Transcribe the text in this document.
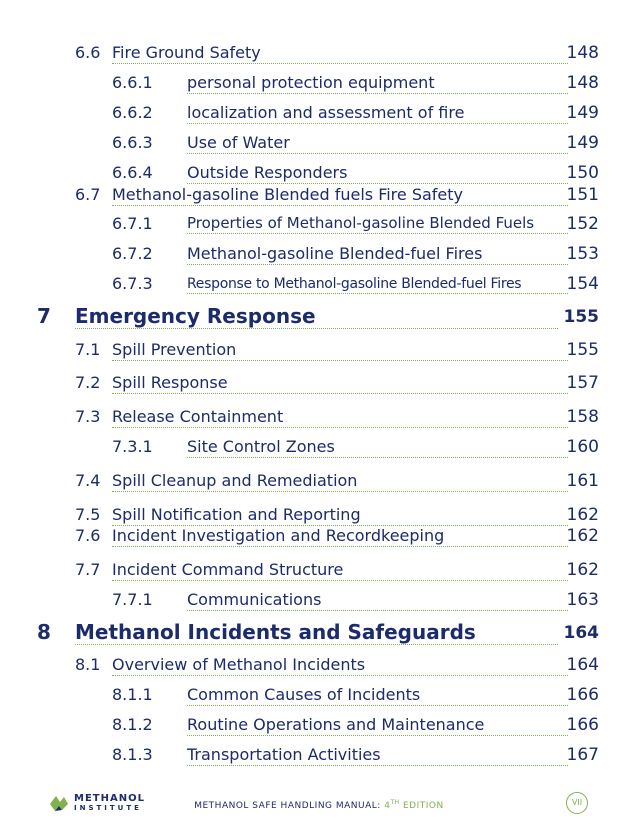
6.6 Fire Ground Safety	148
6.6.1 personal protection equipment	148
6.6.2 localization and assessment of fire	149
6.6.3 Use of Water	149
6.6.4 Outside Responders	150
6.7 Methanol-gasoline Blended fuels Fire Safety	151
6.7.1 Properties of Methanol-gasoline Blended Fuels	152
6.7.2 Methanol-gasoline Blended-fuel Fires	153
6.7.3 Response to Methanol-gasoline Blended-fuel Fires	154
7 Emergency Response	155
7.1 Spill Prevention	155
7.2 Spill Response	157
7.3 Release Containment	158
7.3.1 Site Control Zones	160
7.4 Spill Cleanup and Remediation	161
7.5 Spill Notification and Reporting	162
7.6 Incident Investigation and Recordkeeping	162
7.7 Incident Command Structure	162
7.7.1 Communications	163
8 Methanol Incidents and Safeguards	164
8.1 Overview of Methanol Incidents	164
8.1.1 Common Causes of Incidents	166
8.1.2 Routine Operations and Maintenance	166
8.1.3 Transportation Activities	167
METHANOL
INSTITUTE	METHANOL SAFE HANDLING MANUAL: 4TH EDITION	VII
